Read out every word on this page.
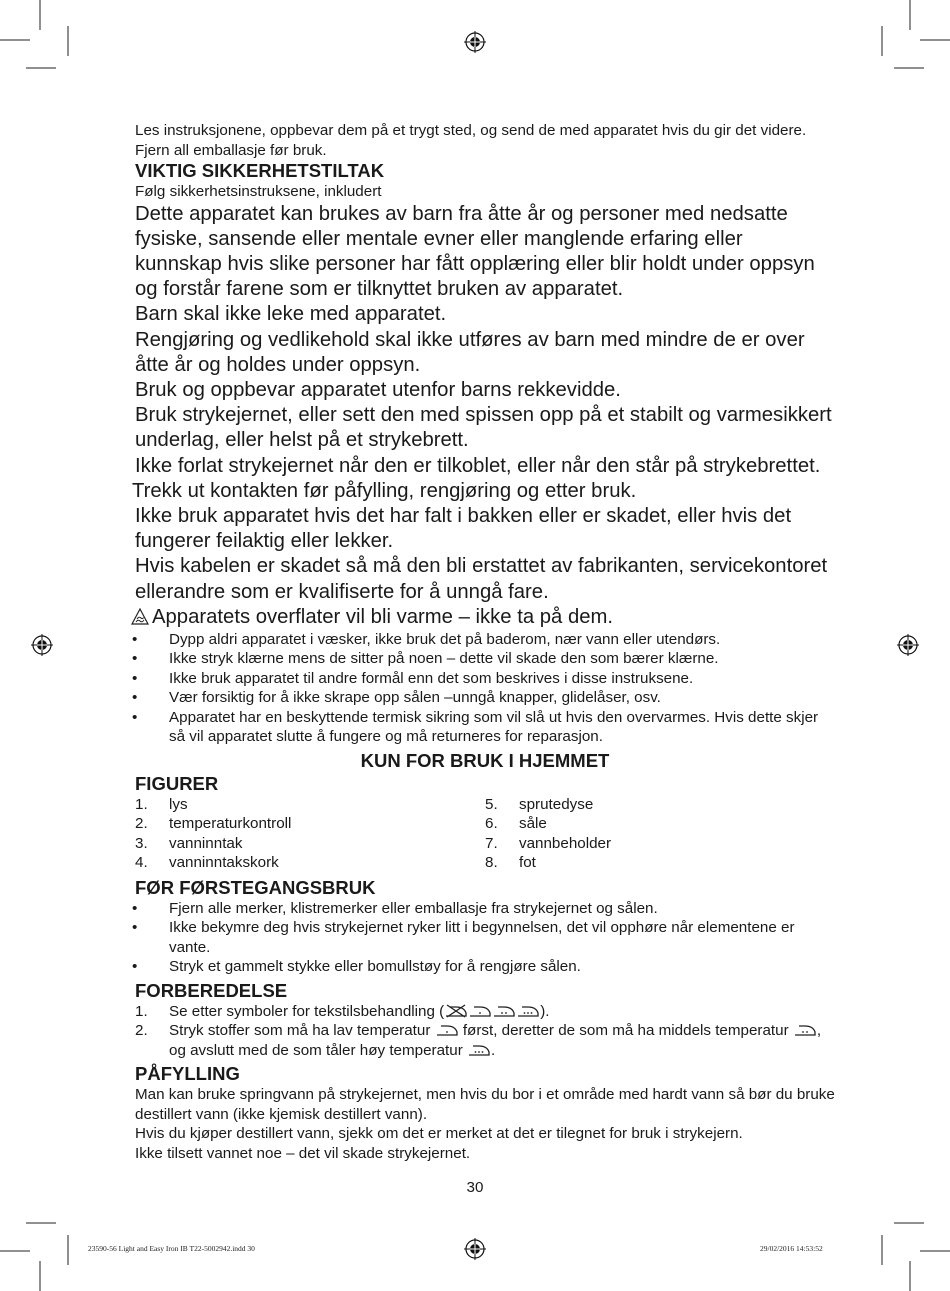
Les instruksjonene, oppbevar dem på et trygt sted, og send de med apparatet hvis du gir det videre. Fjern all emballasje før bruk.

VIKTIG SIKKERHETSTILTAK

Følg sikkerhetsinstruksene, inkludert

Dette apparatet kan brukes av barn fra åtte år og personer med nedsatte fysiske, sansende eller mentale evner eller manglende erfaring eller kunnskap hvis slike personer har fått opplæring eller blir holdt under oppsyn og forstår farene som er tilknyttet bruken av apparatet.

Barn skal ikke leke med apparatet.

Rengjøring og vedlikehold skal ikke utføres av barn med mindre de er over åtte år og holdes under oppsyn.

Bruk og oppbevar apparatet utenfor barns rekkevidde.

Bruk strykejernet, eller sett den med spissen opp på et stabilt og varmesikkert underlag, eller helst på et strykebrett.

Ikke forlat strykejernet når den er tilkoblet, eller når den står på strykebrettet.

Trekk ut kontakten før påfylling, rengjøring og etter bruk.

Ikke bruk apparatet hvis det har falt i bakken eller er skadet, eller hvis det fungerer feilaktig eller lekker.

Hvis kabelen er skadet så må den bli erstattet av fabrikanten, servicekontoret ellerandre som er kvalifiserte for å unngå fare.

Apparatets overflater vil bli varme – ikke ta på dem.

• Dypp aldri apparatet i væsker, ikke bruk det på baderom, nær vann eller utendørs.
• Ikke stryk klærne mens de sitter på noen – dette vil skade den som bærer klærne.
• Ikke bruk apparatet til andre formål enn det som beskrives i disse instruksene.
• Vær forsiktig for å ikke skrape opp sålen –unngå knapper, glidelåser, osv.
• Apparatet har en beskyttende termisk sikring som vil slå ut hvis den overvarmes. Hvis dette skjer så vil apparatet slutte å fungere og må returneres for reparasjon.

KUN FOR BRUK I HJEMMET

FIGURER

1. lys
2. temperaturkontroll
3. vanninntak
4. vanninntakskork
5. sprutedyse
6. såle
7. vannbeholder
8. fot

FØR FØRSTEGANGSBRUK

• Fjern alle merker, klistremerker eller emballasje fra strykejernet og sålen.
• Ikke bekymre deg hvis strykejernet ryker litt i begynnelsen, det vil opphøre når elementene er vante.
• Stryk et gammelt stykke eller bomullstøy for å rengjøre sålen.

FORBEREDELSE

1. Se etter symboler for tekstilsbehandling (	).
2. Stryk stoffer som må ha lav temperatur  først, deretter de som må ha middels temperatur , og avslutt med de som tåler høy temperatur .

PÅFYLLING

Man kan bruke springvann på strykejernet, men hvis du bor i et område med hardt vann så bør du bruke destillert vann (ikke kjemisk destillert vann).

Hvis du kjøper destillert vann, sjekk om det er merket at det er tilegnet for bruk i strykejern.

Ikke tilsett vannet noe – det vil skade strykejernet.

30
23590-56 Light and Easy Iron IB T22-5002942.indd 30	29/02/2016 14:53:52
